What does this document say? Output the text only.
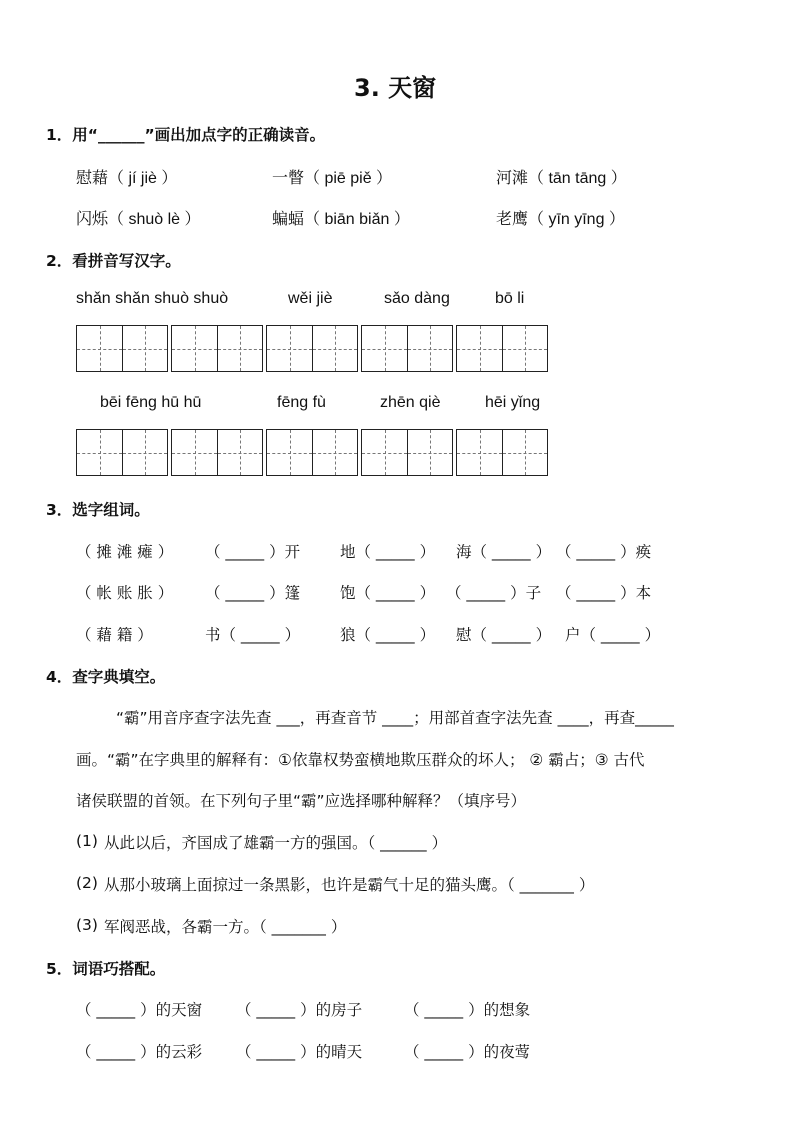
3. 天窗
1．用“______”画出加点字的正确读音。
慰藉（ jí jiè ）	一瞥（ piē piě ）	河滩（ tān tāng ）
闪烁（ shuò lè ）	蝙蝠（ biān biǎn ）	老鹰（ yīn yīng ）
2．看拼音写汉字。
shǎn shǎn shuò shuò	wěi jiè	sǎo dàng	bō li
bēi fēng hū hū	fēng fù	zhēn qiè	hēi yǐng
3．选字组词。
（ 摊 滩 瘫 ） （ _____ ）开	地（ _____ ） 海（ _____ ） （ _____ ）痪
（ 帐 账 胀 ） （ _____ ）篷	饱（ _____ ） （ _____ ）子 （ _____ ）本
（ 藉 籍 ）	书（ _____ ）	狼（ _____ ） 慰（ _____ ） 户（ _____ ）
4．查字典填空。
“霸”用音序查字法先查 ___，再查音节 ____；用部首查字法先查 ____，再查_____
画。“霸”在字典里的解释有：①依靠权势蛮横地欺压群众的坏人； ② 霸占；③ 古代
诸侯联盟的首领。在下列句子里“霸”应选择哪种解释？（填序号）
(1) 从此以后，齐国成了雄霸一方的强国。（ ______ ）
(2) 从那小玻璃上面掠过一条黑影，也许是霸气十足的猫头鹰。（ _______ ）
(3) 军阀恶战，各霸一方。（ _______ ）
5．词语巧搭配。
（ _____ ）的天窗 （ _____ ）的房子	（ _____ ）的想象
（ _____ ）的云彩 （ _____ ）的晴天	（ _____ ）的夜莺
